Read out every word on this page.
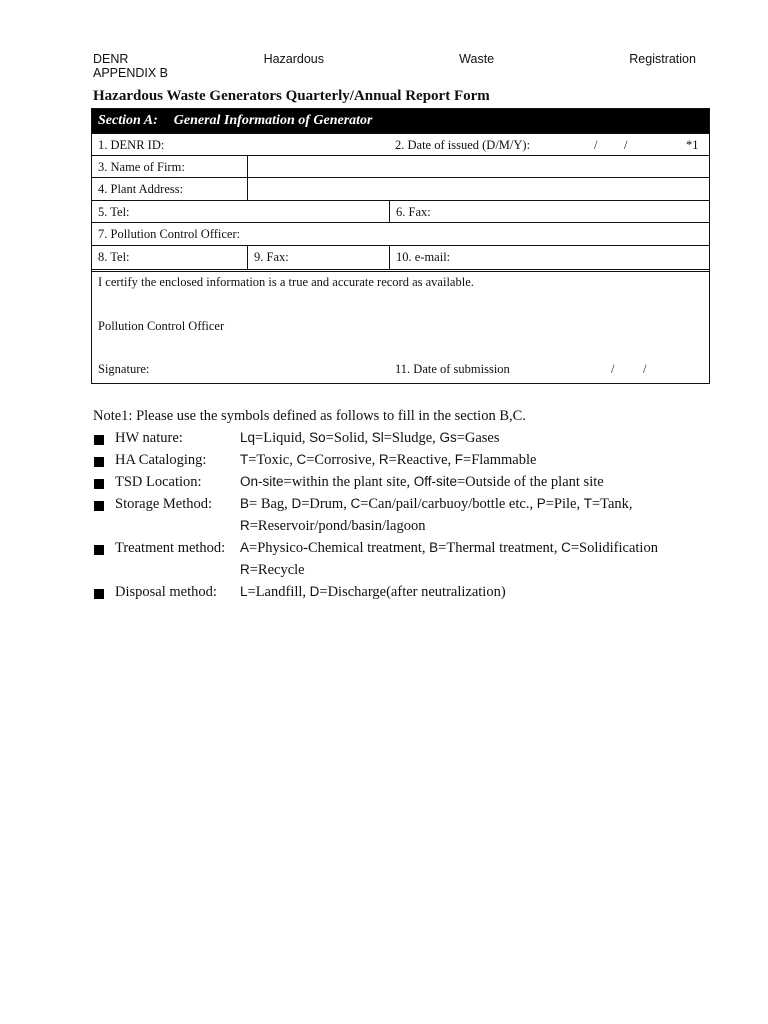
DENR	Hazardous	Waste	Registration
APPENDIX B
Hazardous Waste Generators Quarterly/Annual Report Form
Section A: General Information of Generator
1. DENR ID:	2. Date of issued (D/M/Y):	/	/	*1
3. Name of Firm:
4. Plant Address:
5. Tel:	6. Fax:
7. Pollution Control Officer:
8. Tel:	9. Fax:	10. e-mail:
I certify the enclosed information is a true and accurate record as available.
Pollution Control Officer
Signature:	11. Date of submission	/ /
Note1: Please use the symbols defined as follows to fill in the section B,C.
HW nature:	Lq=Liquid, So=Solid, Sl=Sludge, Gs=Gases
HA Cataloging: T=Toxic, C=Corrosive, R=Reactive, F=Flammable
TSD Location:	On-site=within the plant site, Off-site=Outside of the plant site
Storage Method: B= Bag, D=Drum, C=Can/pail/carbuoy/bottle etc., P=Pile, T=Tank,
R=Reservoir/pond/basin/lagoon
Treatment method: A=Physico-Chemical treatment, B=Thermal treatment, C=Solidification
R=Recycle
Disposal method: L=Landfill, D=Discharge(after neutralization)
